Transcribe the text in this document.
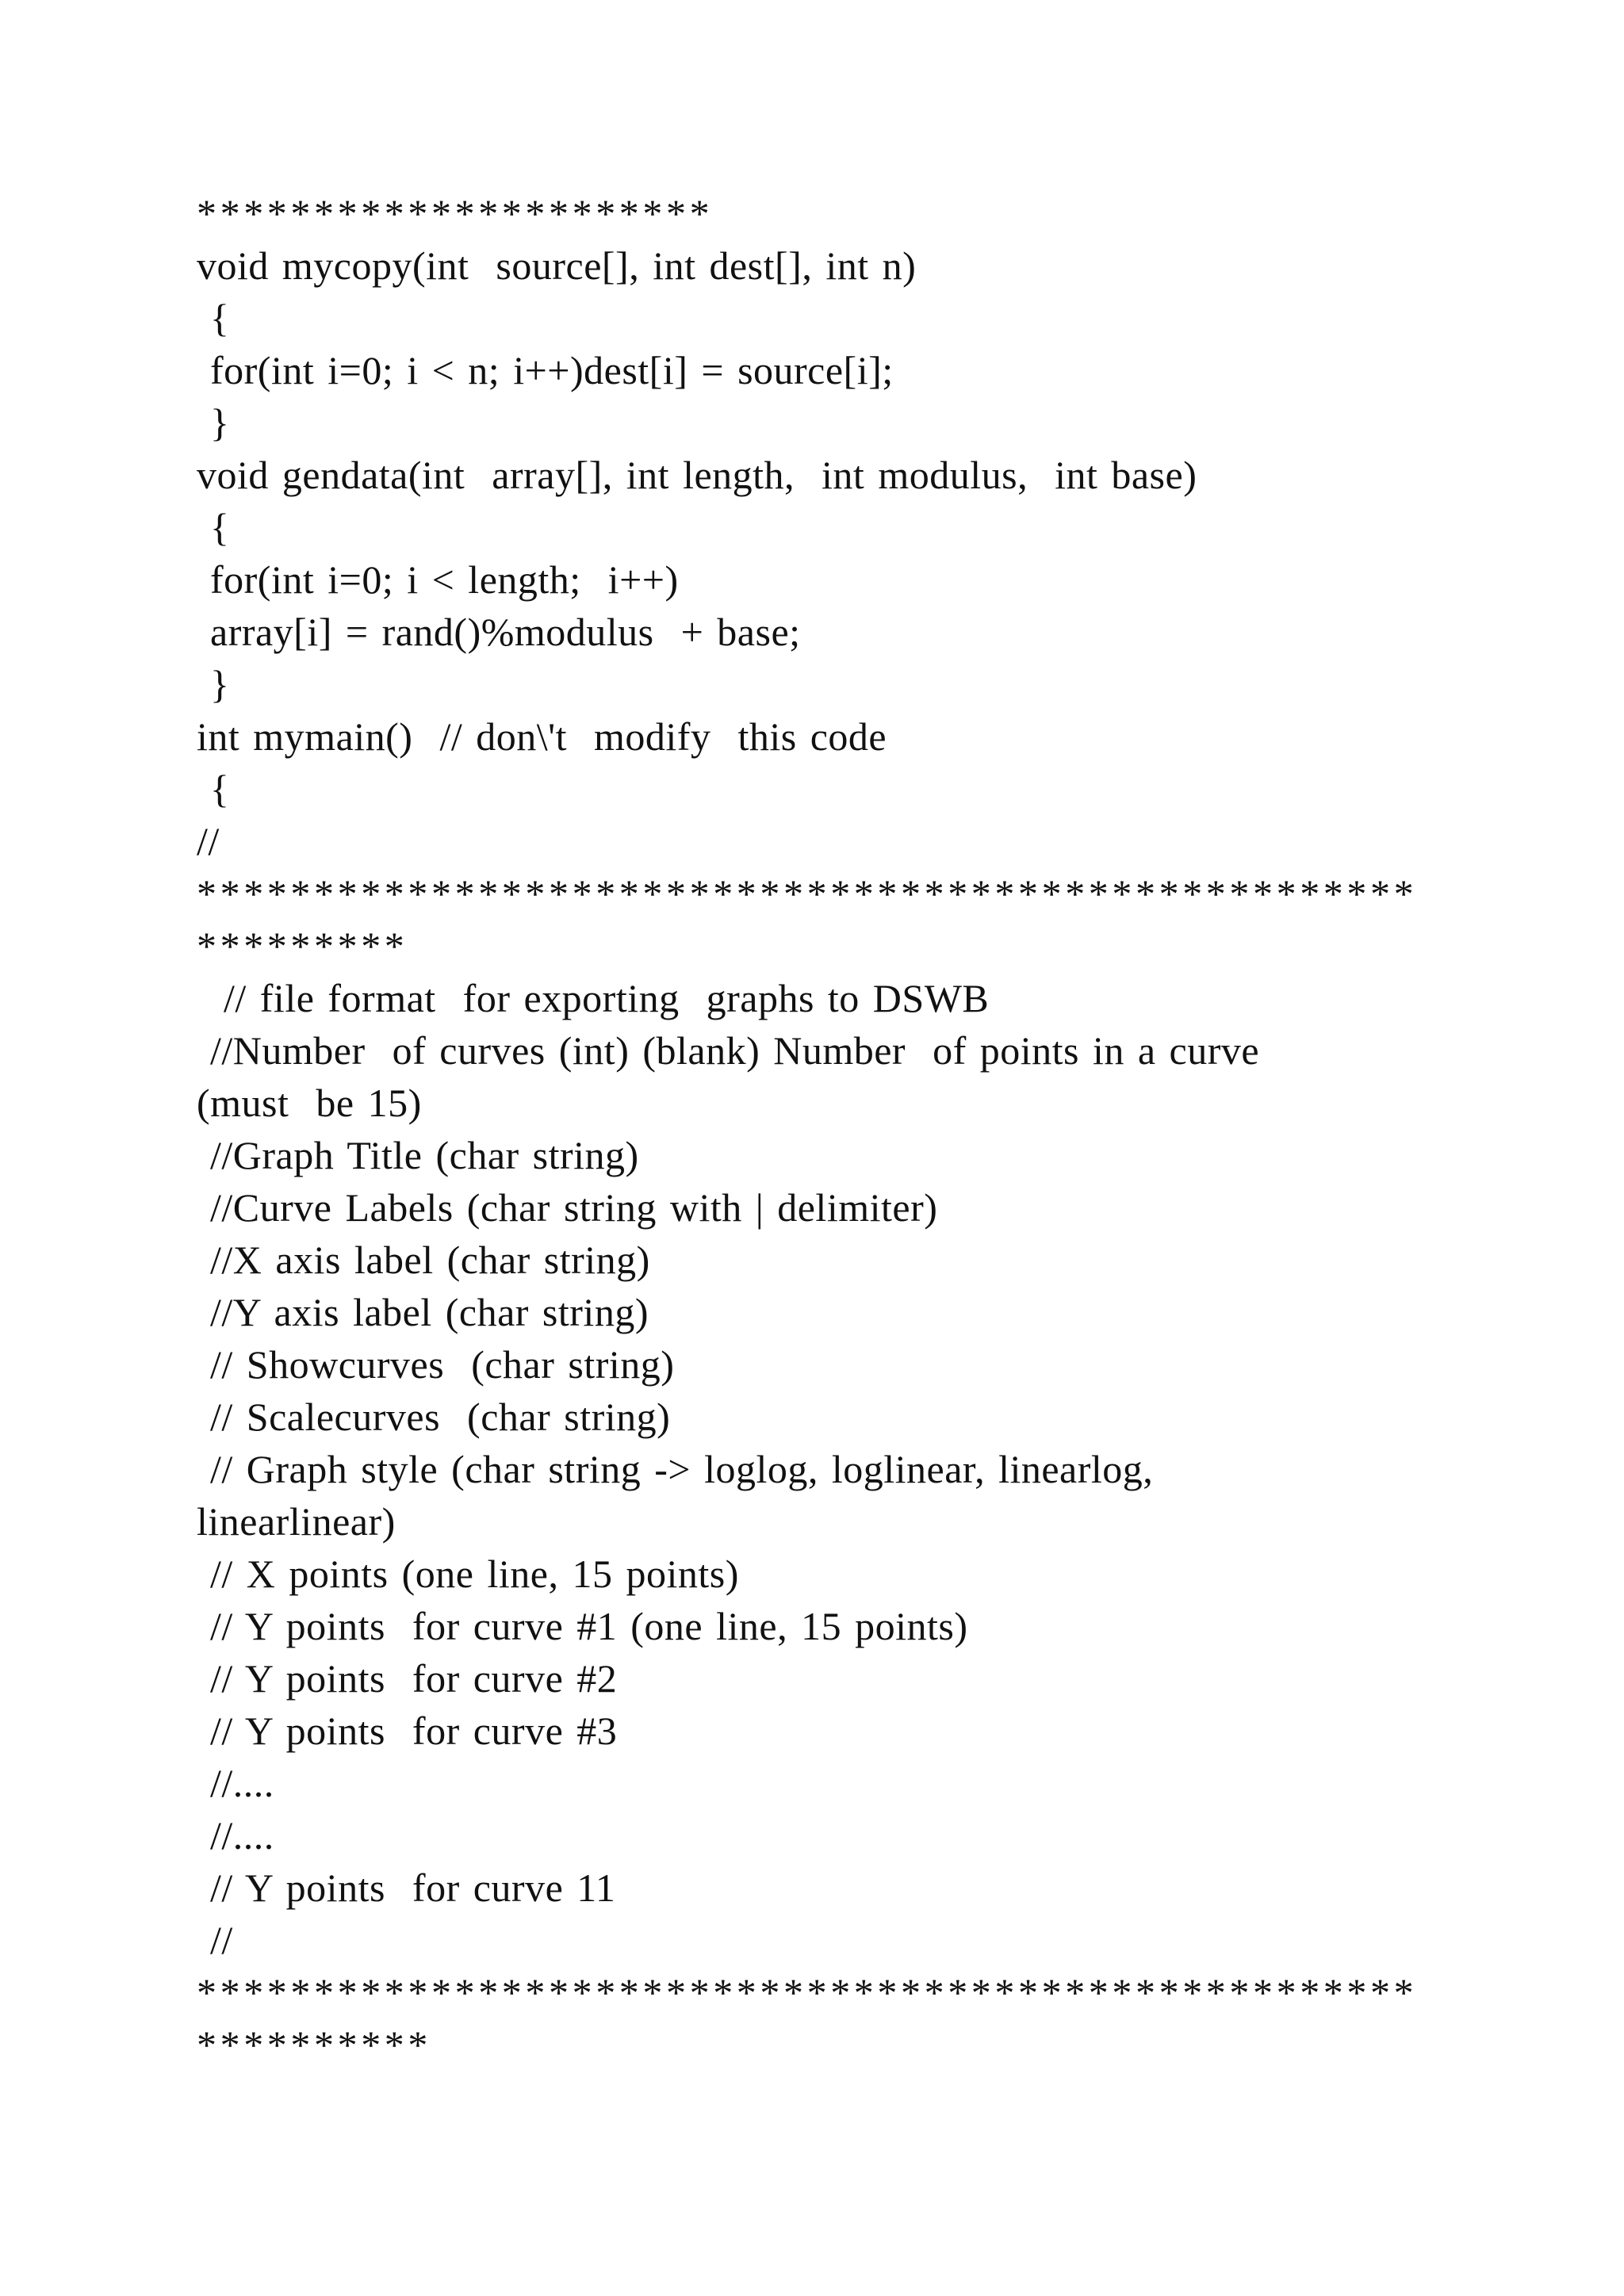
**********************
void mycopy(int  source[], int dest[], int n)
{
for(int i=0; i < n; i++)dest[i] = source[i];
}
void gendata(int  array[], int length,  int modulus,  int base)
{
for(int i=0; i < length;  i++)
array[i] = rand()%modulus  + base;
}
int mymain()  // don\'t  modify  this code
{
//
****************************************************
*********
// file format  for exporting  graphs to DSWB
//Number  of curves (int) (blank) Number  of points in a curve
(must  be 15)
//Graph Title (char string)
//Curve Labels (char string with | delimiter)
//X axis label (char string)
//Y axis label (char string)
// Showcurves  (char string)
// Scalecurves  (char string)
// Graph style (char string -> loglog, loglinear, linearlog,
linearlinear)
// X points (one line, 15 points)
// Y points  for curve #1 (one line, 15 points)
// Y points  for curve #2
// Y points  for curve #3
//....
//....
// Y points  for curve 11
//
****************************************************
**********
